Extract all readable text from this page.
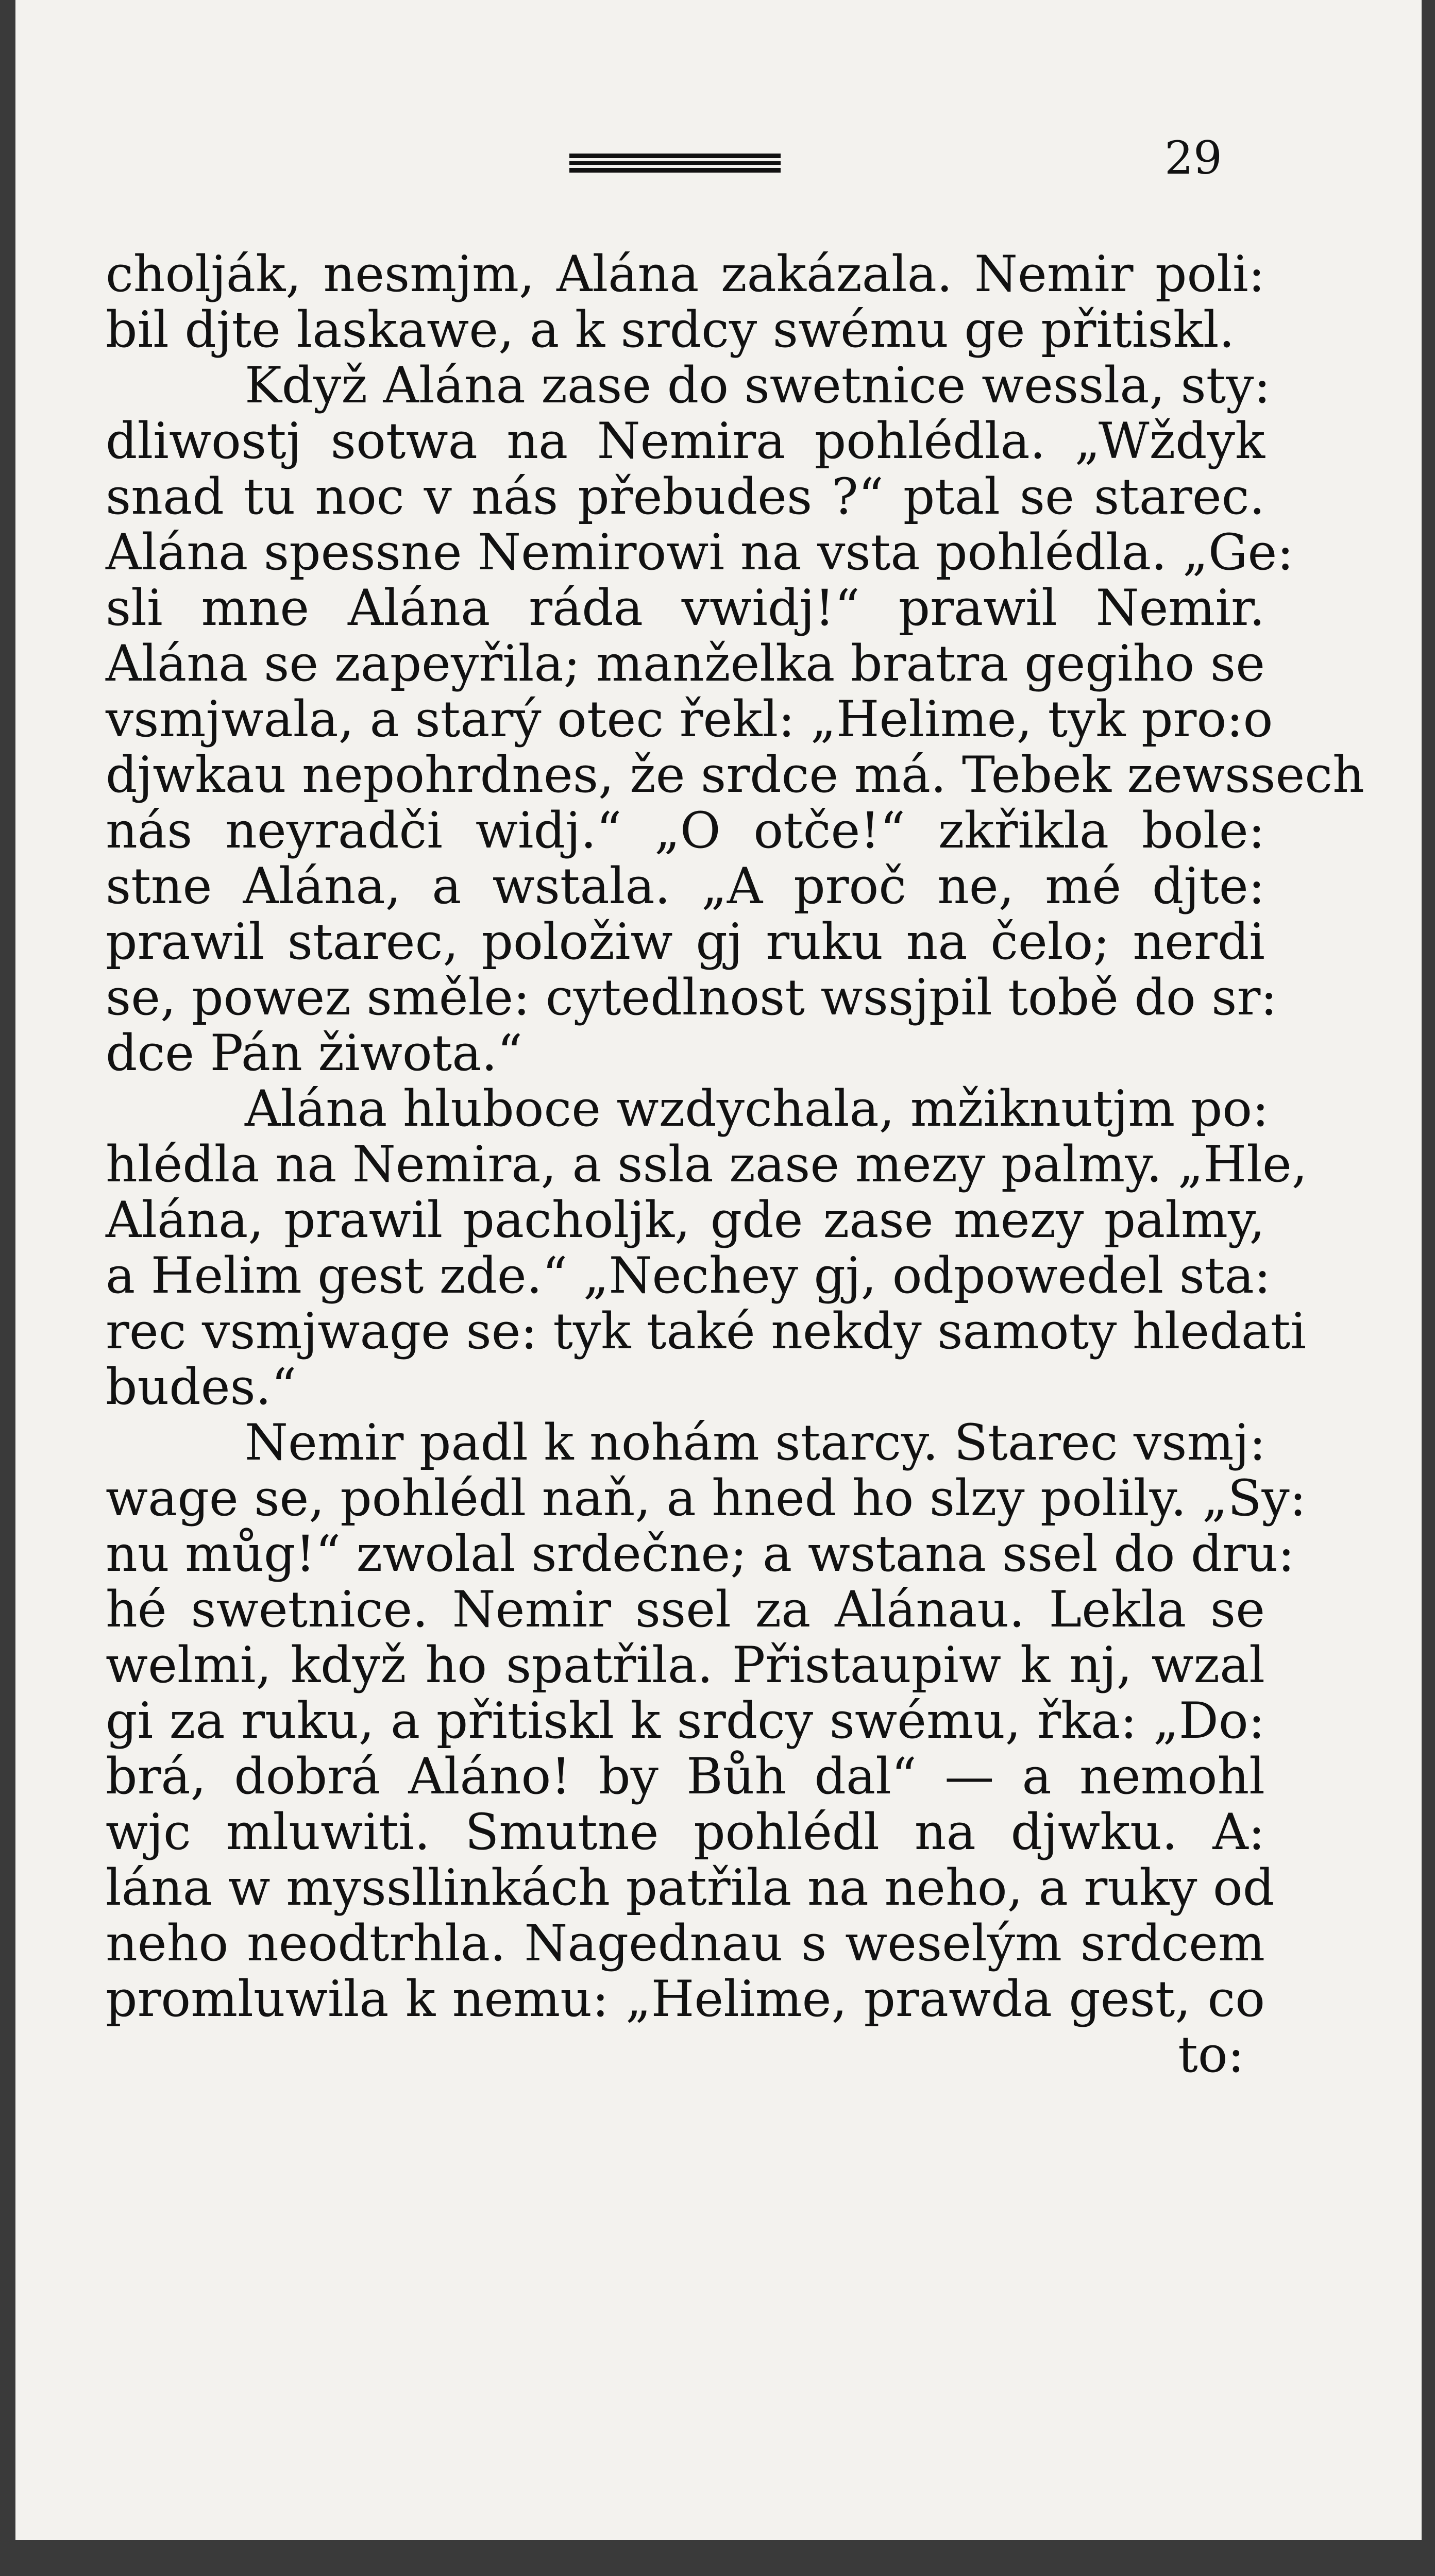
29
cholják, nesmjm, Alána zakázala. Nemir poli:
bil djte laskawe, a k srdcy swému ge přitiskl.
Když Alána zase do swetnice wessla, sty:
dliwostj sotwa na Nemira pohlédla. „Wždyk
snad tu noc v nás přebudes ?“ ptal se starec.
Alána spessne Nemirowi na vsta pohlédla. „Ge:
sli mne Alána ráda vwidj!“ prawil Nemir.
Alána se zapeyřila; manželka bratra gegiho se
vsmjwala, a starý otec řekl: „Helime, tyk pro:o
djwkau nepohrdnes, že srdce má. Tebek zewssech
nás neyradči widj.“ „O otče!“ zkřikla bole:
stne Alána, a wstala. „A proč ne, mé djte:
prawil starec, položiw gj ruku na čelo; nerdi
se, powez směle: cytedlnost wssjpil tobě do sr:
dce Pán žiwota.“
Alána hluboce wzdychala, mžiknutjm po:
hlédla na Nemira, a ssla zase mezy palmy. „Hle,
Alána, prawil pacholjk, gde zase mezy palmy,
a Helim gest zde.“ „Nechey gj, odpowedel sta:
rec vsmjwage se: tyk také nekdy samoty hledati
budes.“
Nemir padl k nohám starcy. Starec vsmj:
wage se, pohlédl naň, a hned ho slzy polily. „Sy:
nu můg!“ zwolal srdečne; a wstana ssel do dru:
hé swetnice. Nemir ssel za Alánau. Lekla se
welmi, když ho spatřila. Přistaupiw k nj, wzal
gi za ruku, a přitiskl k srdcy swému, řka: „Do:
brá, dobrá Aláno! by Bůh dal“ — a nemohl
wjc mluwiti. Smutne pohlédl na djwku. A:
lána w myssllinkách patřila na neho, a ruky od
neho neodtrhla. Nagednau s weselým srdcem
promluwila k nemu: „Helime, prawda gest, co
to:
